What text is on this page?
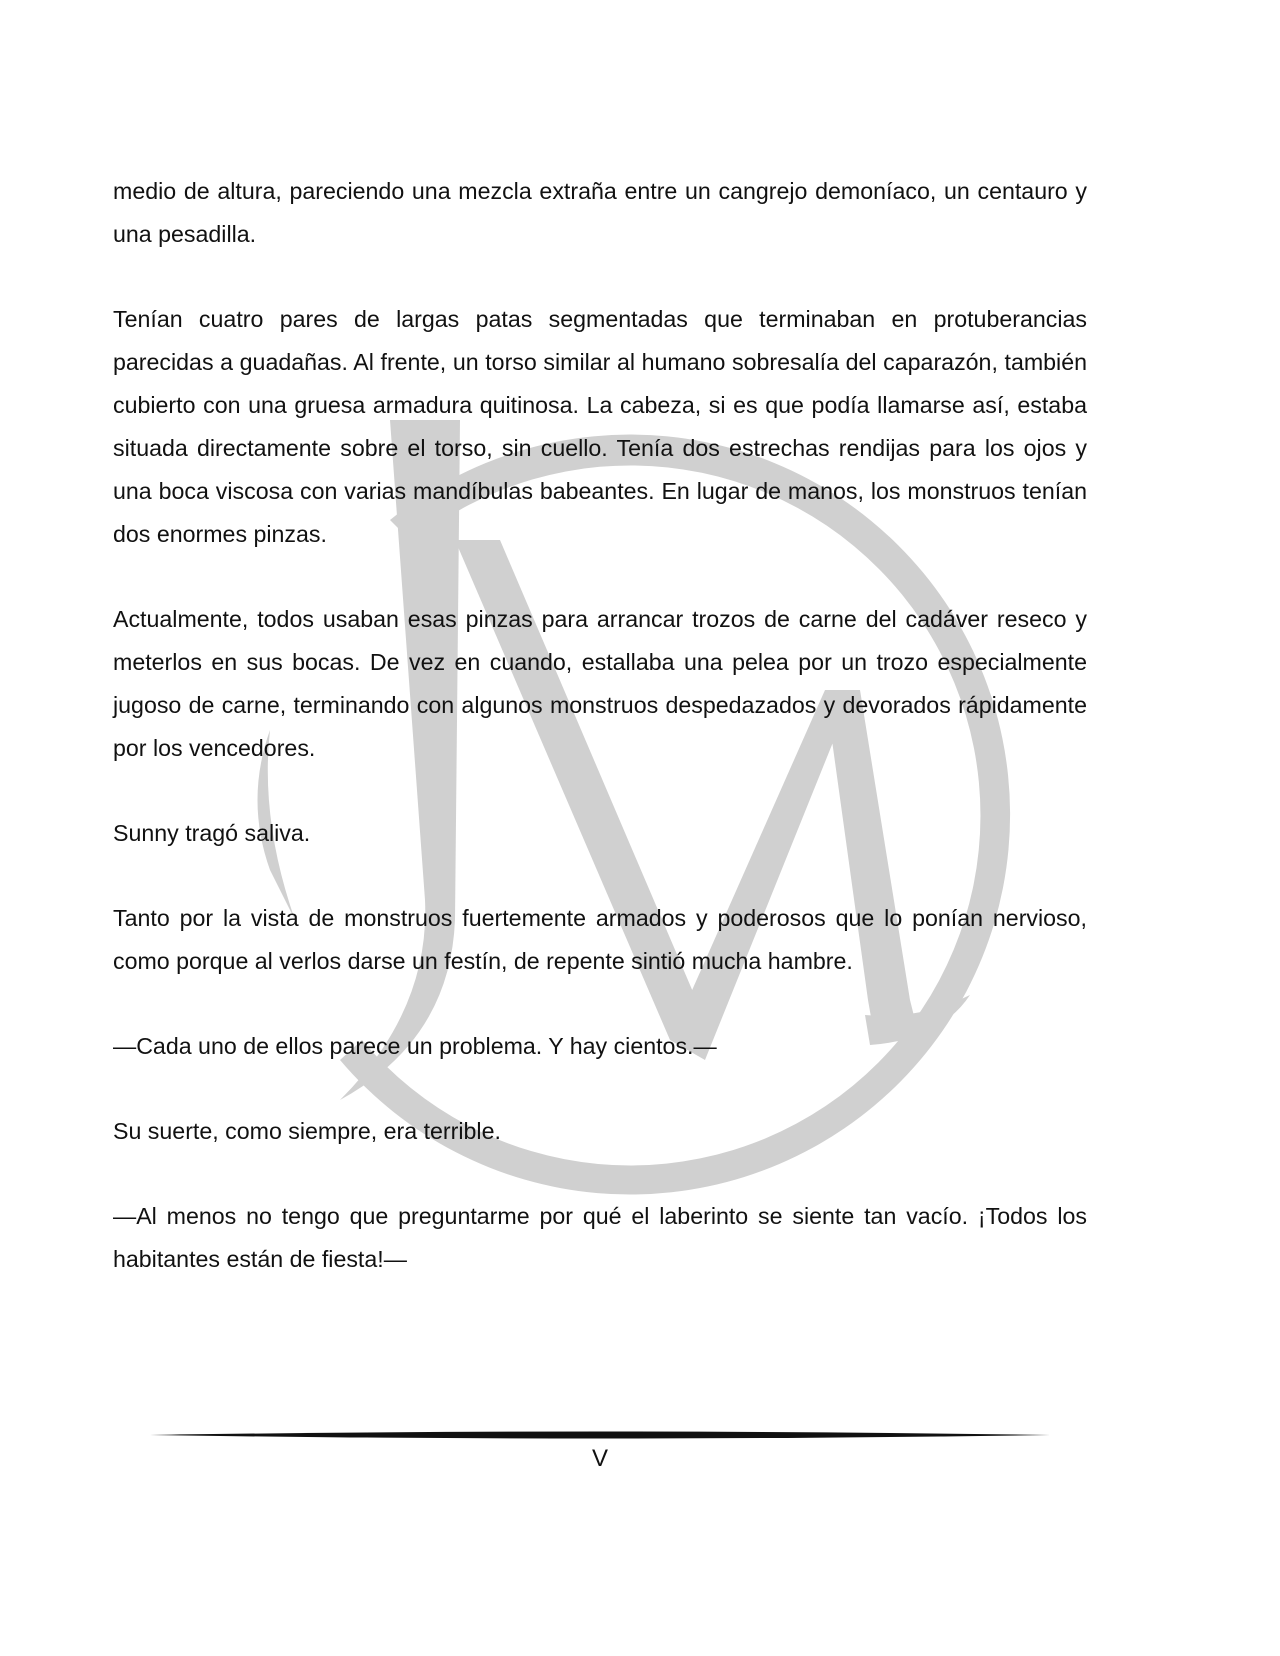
medio de altura, pareciendo una mezcla extraña entre un cangrejo demoníaco, un centauro y una pesadilla.

Tenían cuatro pares de largas patas segmentadas que terminaban en protuberancias parecidas a guadañas. Al frente, un torso similar al humano sobresalía del caparazón, también cubierto con una gruesa armadura quitinosa. La cabeza, si es que podía llamarse así, estaba situada directamente sobre el torso, sin cuello. Tenía dos estrechas rendijas para los ojos y una boca viscosa con varias mandíbulas babeantes. En lugar de manos, los monstruos tenían dos enormes pinzas.

Actualmente, todos usaban esas pinzas para arrancar trozos de carne del cadáver reseco y meterlos en sus bocas. De vez en cuando, estallaba una pelea por un trozo especialmente jugoso de carne, terminando con algunos monstruos despedazados y devorados rápidamente por los vencedores.

Sunny tragó saliva.

Tanto por la vista de monstruos fuertemente armados y poderosos que lo ponían nervioso, como porque al verlos darse un festín, de repente sintió mucha hambre.

—Cada uno de ellos parece un problema. Y hay cientos.—

Su suerte, como siempre, era terrible.

—Al menos no tengo que preguntarme por qué el laberinto se siente tan vacío. ¡Todos los habitantes están de fiesta!—

V
